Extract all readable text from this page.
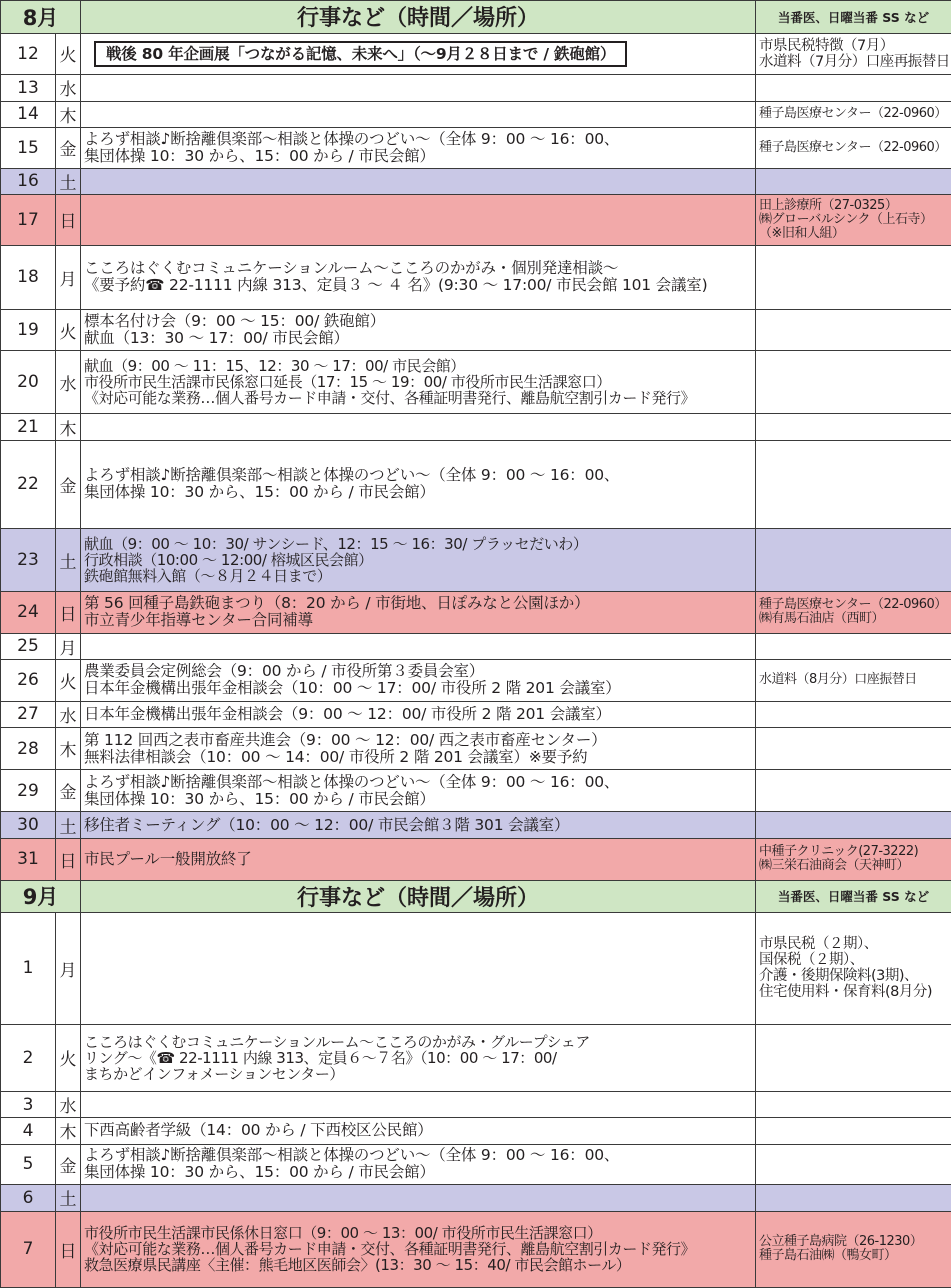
8月		行事など（時間／場所）	当番医、日曜当番 SS など
12	火	戦後 80 年企画展「つながる記憶、未来へ」（〜9月２８日まで / 鉄砲館）	市県民税特徴（7月）
水道料（7月分）口座再振替日

13	水		
14	木		種子島医療センター（22‐0960）

15	金	よろず相談♪断捨離倶楽部〜相談と体操のつどい〜（全体 9：00 〜 16：00、
集団体操 10：30 から、15：00 から / 市民会館）	種子島医療センター（22‐0960）

16	土		
17	日		田上診療所（27‐0325）
㈱グローバルシンク（上石寺）
（※旧和人組）

18	月	こころはぐくむコミュニケーションルーム〜こころのかがみ・個別発達相談〜
《要予約☎ 22-1111 内線 313、定員３ 〜 ４ 名》(9:30 〜 17:00/ 市民会館 101 会議室)	

19	火	標本名付け会（9：00 〜 15：00/ 鉄砲館）
献血（13：30 〜 17：00/ 市民会館）	

20	水	献血（9：00 〜 11：15、12：30 〜 17：00/ 市民会館）
市役所市民生活課市民係窓口延長（17：15 〜 19：00/ 市役所市民生活課窓口）
《対応可能な業務…個人番号カード申請・交付、各種証明書発行、離島航空割引カード発行》	

21	木		
22	金	よろず相談♪断捨離倶楽部〜相談と体操のつどい〜（全体 9：00 〜 16：00、
集団体操 10：30 から、15：00 から / 市民会館）	

23	土	献血（9：00 〜 10：30/ サンシード、12：15 〜 16：30/ プラッセだいわ）
行政相談（10:00 〜 12:00/ 榕城区民会館）
鉄砲館無料入館（〜８月２４日まで）	

24	日	第 56 回種子島鉄砲まつり（8：20 から / 市街地、日ぽみなと公園ほか）
市立青少年指導センター合同補導	種子島医療センター（22‐0960）
㈱有馬石油店（西町）

25	月		
26	火	農業委員会定例総会（9：00 から / 市役所第３委員会室）
日本年金機構出張年金相談会（10：00 〜 17：00/ 市役所 2 階 201 会議室）	水道料（8月分）口座振替日

27	水	日本年金機構出張年金相談会（9：00 〜 12：00/ 市役所 2 階 201 会議室）	

28	木	第 112 回西之表市畜産共進会（9：00 〜 12：00/ 西之表市畜産センター）
無料法律相談会（10：00 〜 14：00/ 市役所 2 階 201 会議室）※要予約	

29	金	よろず相談♪断捨離倶楽部〜相談と体操のつどい〜（全体 9：00 〜 16：00、
集団体操 10：30 から、15：00 から / 市民会館）	

30	土	移住者ミーティング（10：00 〜 12：00/ 市民会館３階 301 会議室）	

31	日	市民プール一般開放終了	中種子クリニック(27-3222)
㈱三栄石油商会（天神町）

9月		行事など（時間／場所）	当番医、日曜当番 SS など
1	月		市県民税（２期）、
国保税（２期）、
介護・後期保険料(3期)、
住宅使用料・保育料(8月分)

2	火	こころはぐくむコミュニケーションルーム〜こころのかがみ・グループシェア
リング〜《☎ 22‐1111 内線 313、定員６〜７名》（10：00 〜 17：00/
まちかどインフォメーションセンター）	

3	水		
4	木	下西高齢者学級（14：00 から / 下西校区公民館）	

5	金	よろず相談♪断捨離倶楽部〜相談と体操のつどい〜（全体 9：00 〜 16：00、
集団体操 10：30 から、15：00 から / 市民会館）	

6	土		
7	日	市役所市民生活課市民係休日窓口（9：00 〜 13：00/ 市役所市民生活課窓口）
《対応可能な業務…個人番号カード申請・交付、各種証明書発行、離島航空割引カード発行》
救急医療県民講座〈主催：熊毛地区医師会〉(13：30 〜 15：40/ 市民会館ホール）	公立種子島病院（26‐1230）
種子島石油㈱（鴨女町）
